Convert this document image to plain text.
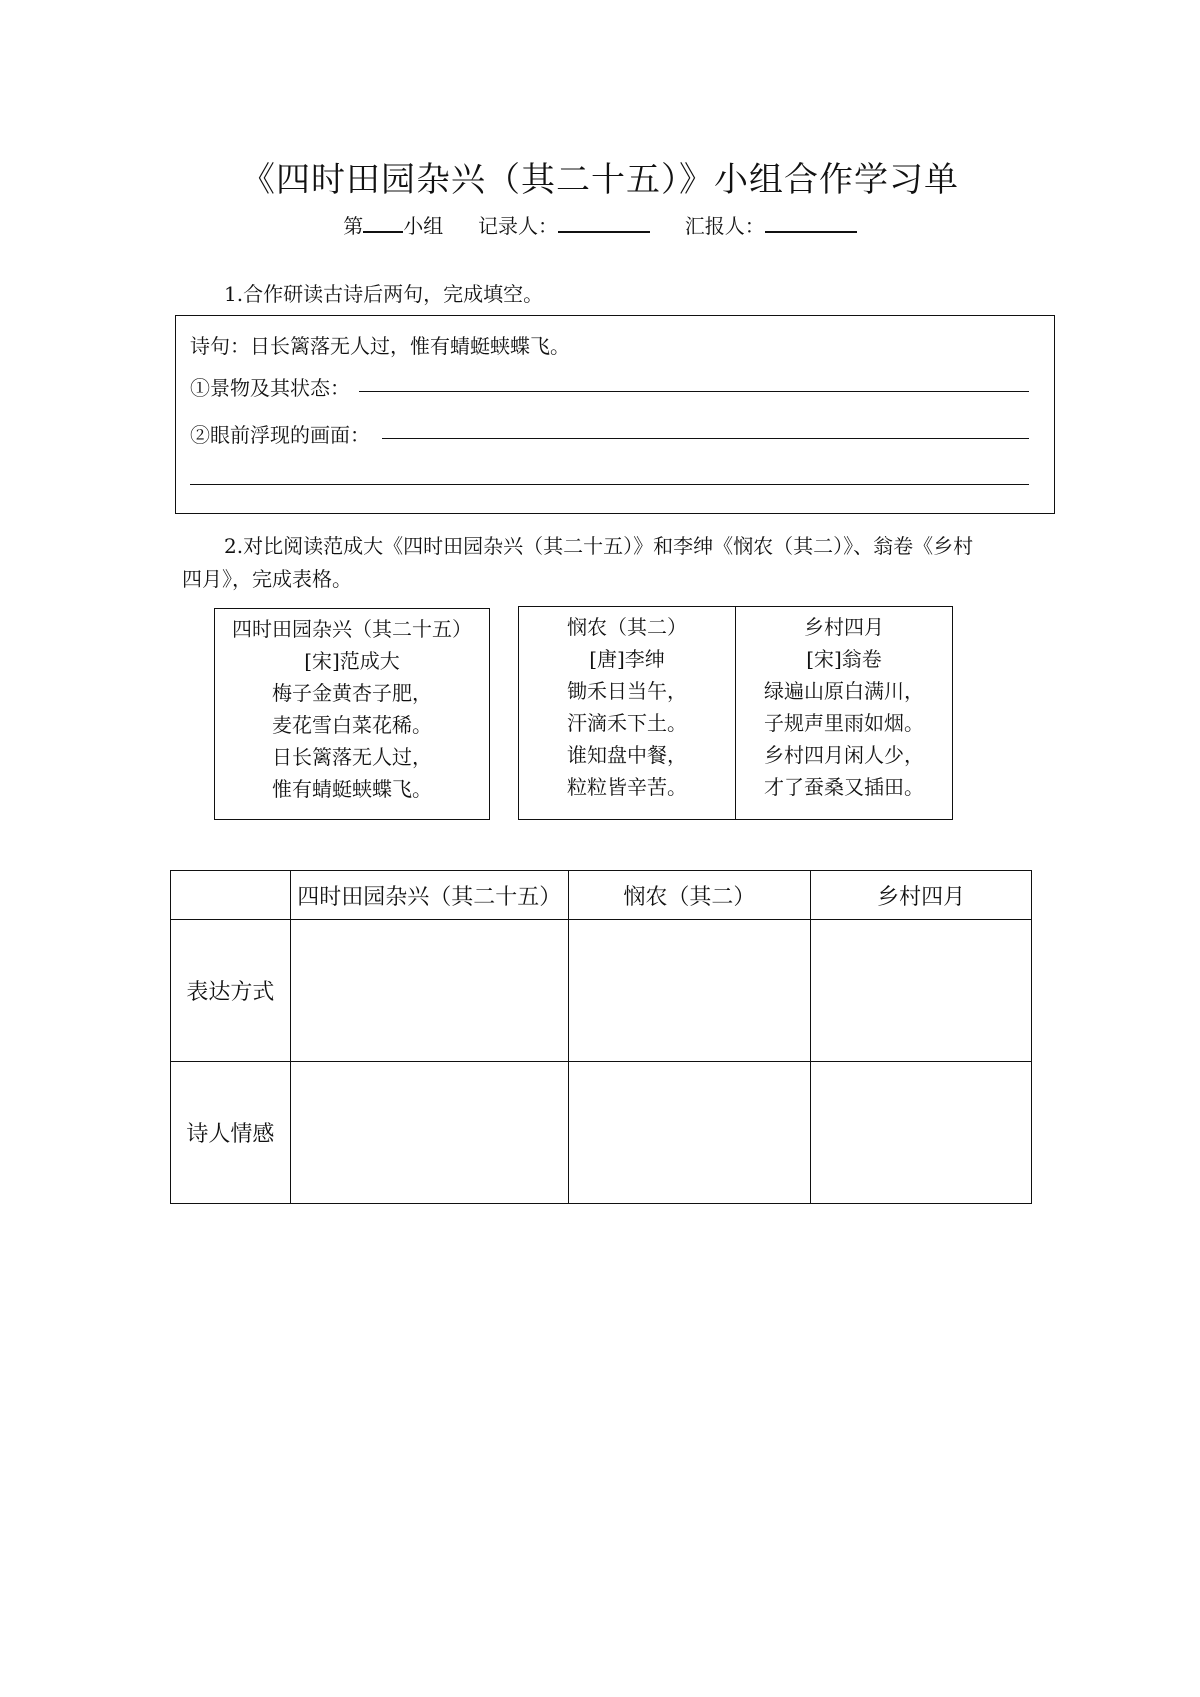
《四时田园杂兴（其二十五）》小组合作学习单
第 小组 记录人：	汇报人：
1.合作研读古诗后两句，完成填空。
诗句：日长篱落无人过，惟有蜻蜓蛱蝶飞。
①景物及其状态：
②眼前浮现的画面：
2.对比阅读范成大《四时田园杂兴（其二十五）》和李绅《悯农（其二）》、翁卷《乡村
四月》，完成表格。
四时田园杂兴（其二十五）
[宋]范成大
梅子金黄杏子肥，
麦花雪白菜花稀。
日长篱落无人过，
惟有蜻蜓蛱蝶飞。
悯农（其二）
[唐]李绅
锄禾日当午，
汗滴禾下土。
谁知盘中餐，
粒粒皆辛苦。
乡村四月
[宋]翁卷
绿遍山原白满川，
子规声里雨如烟。
乡村四月闲人少，
才了蚕桑又插田。
	四时田园杂兴（其二十五）	悯农（其二）	乡村四月
表达方式			
诗人情感			
